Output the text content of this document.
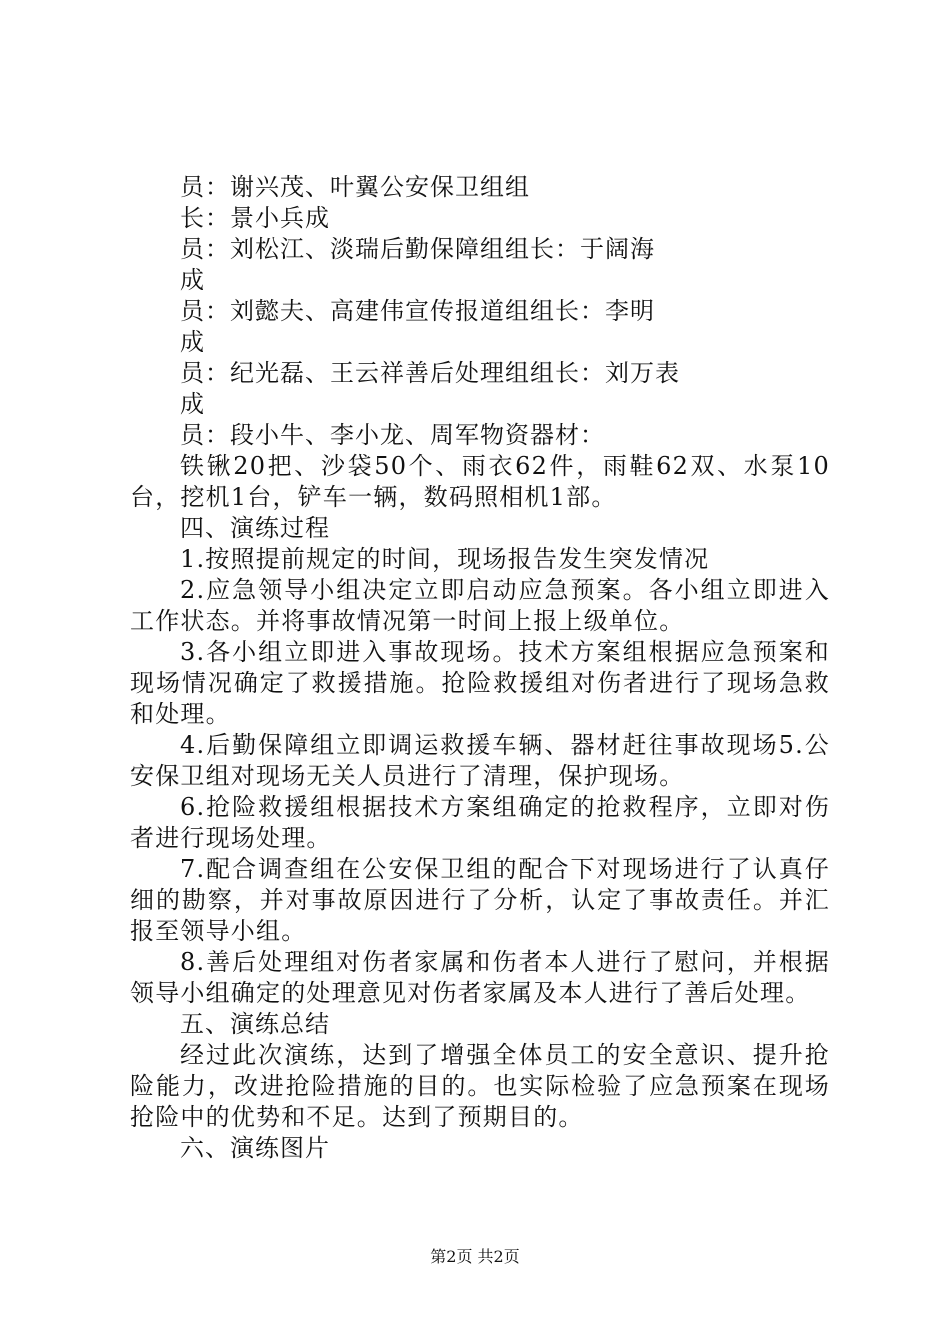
员：谢兴茂、叶翼公安保卫组组
长：景小兵成
员：刘松江、淡瑞后勤保障组组长：于阔海
成
员：刘懿夫、高建伟宣传报道组组长：李明
成
员：纪光磊、王云祥善后处理组组长：刘万表
成
员：段小牛、李小龙、周军物资器材：
铁锹20把、沙袋50个、雨衣62件，雨鞋62双、水泵10台，挖机1台，铲车一辆，数码照相机1部。
四、演练过程
1.按照提前规定的时间，现场报告发生突发情况
2.应急领导小组决定立即启动应急预案。各小组立即进入工作状态。并将事故情况第一时间上报上级单位。
3.各小组立即进入事故现场。技术方案组根据应急预案和现场情况确定了救援措施。抢险救援组对伤者进行了现场急救和处理。
4.后勤保障组立即调运救援车辆、器材赶往事故现场5.公安保卫组对现场无关人员进行了清理，保护现场。
6.抢险救援组根据技术方案组确定的抢救程序，立即对伤者进行现场处理。
7.配合调查组在公安保卫组的配合下对现场进行了认真仔细的勘察，并对事故原因进行了分析，认定了事故责任。并汇报至领导小组。
8.善后处理组对伤者家属和伤者本人进行了慰问，并根据领导小组确定的处理意见对伤者家属及本人进行了善后处理。
五、演练总结
经过此次演练，达到了增强全体员工的安全意识、提升抢险能力，改进抢险措施的目的。也实际检验了应急预案在现场抢险中的优势和不足。达到了预期目的。
六、演练图片
第2页 共2页
